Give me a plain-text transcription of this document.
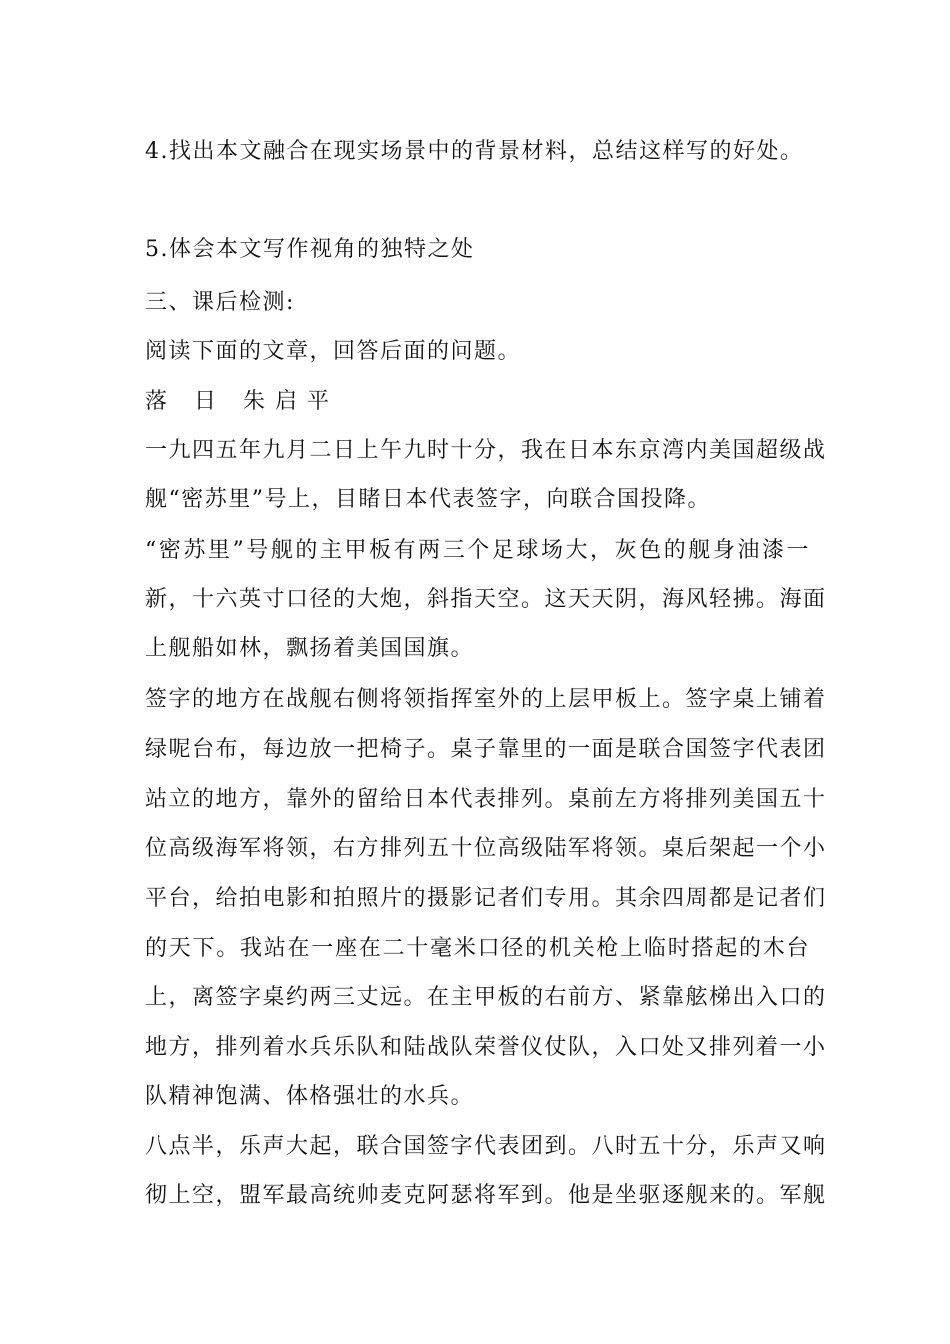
4.找出本文融合在现实场景中的背景材料，总结这样写的好处。
5.体会本文写作视角的独特之处
三、课后检测:
阅读下面的文章，回答后面的问题。
落 日 朱启平
一九四五年九月二日上午九时十分，我在日本东京湾内美国超级战
舰“密苏里”号上，目睹日本代表签字，向联合国投降。
“密苏里”号舰的主甲板有两三个足球场大，灰色的舰身油漆一
新，十六英寸口径的大炮，斜指天空。这天天阴，海风轻拂。海面
上舰船如林，飘扬着美国国旗。
签字的地方在战舰右侧将领指挥室外的上层甲板上。签字桌上铺着
绿呢台布，每边放一把椅子。桌子靠里的一面是联合国签字代表团
站立的地方，靠外的留给日本代表排列。桌前左方将排列美国五十
位高级海军将领，右方排列五十位高级陆军将领。桌后架起一个小
平台，给拍电影和拍照片的摄影记者们专用。其余四周都是记者们
的天下。我站在一座在二十毫米口径的机关枪上临时搭起的木台
上，离签字桌约两三丈远。在主甲板的右前方、紧靠舷梯出入口的
地方，排列着水兵乐队和陆战队荣誉仪仗队，入口处又排列着一小
队精神饱满、体格强壮的水兵。
八点半，乐声大起，联合国签字代表团到。八时五十分，乐声又响
彻上空，盟军最高统帅麦克阿瑟将军到。他是坐驱逐舰来的。军舰
